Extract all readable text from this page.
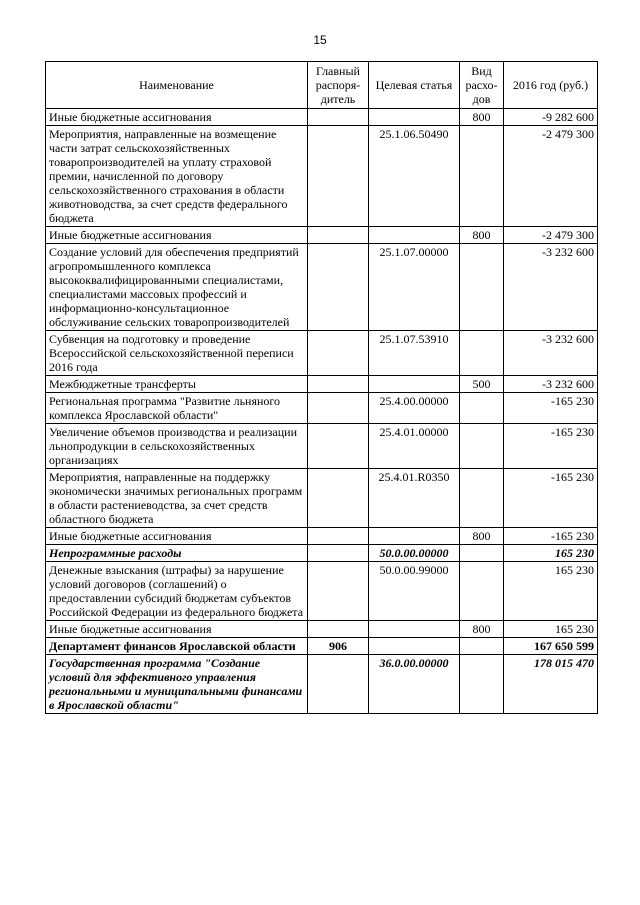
15
Наименование	Главный распоря-дитель	Целевая статья	Вид расхо-дов	2016 год (руб.)
Иные бюджетные ассигнования			800	-9 282 600
Мероприятия, направленные на возмещение части затрат сельскохозяйственных товаропроизводителей на уплату страховой премии, начисленной по договору сельскохозяйственного страхования в области животноводства, за счет средств федерального бюджета		25.1.06.50490		-2 479 300
Иные бюджетные ассигнования			800	-2 479 300
Создание условий для обеспечения предприятий агропромышленного комплекса высококвалифицированными специалистами, специалистами массовых профессий и информационно-консультационное обслуживание сельских товаропроизводителей		25.1.07.00000		-3 232 600
Субвенция на подготовку и проведение Всероссийской сельскохозяйственной переписи 2016 года		25.1.07.53910		-3 232 600
Межбюджетные трансферты			500	-3 232 600
Региональная программа "Развитие льняного комплекса Ярославской области"		25.4.00.00000		-165 230
Увеличение объемов производства и реализации льнопродукции в сельскохозяйственных организациях		25.4.01.00000		-165 230
Мероприятия, направленные на поддержку экономически значимых региональных программ в области растениеводства, за счет средств областного бюджета		25.4.01.R0350		-165 230
Иные бюджетные ассигнования			800	-165 230
Непрограммные расходы		50.0.00.00000		165 230
Денежные взыскания (штрафы) за нарушение условий договоров (соглашений) о предоставлении субсидий бюджетам субъектов Российской Федерации из федерального бюджета		50.0.00.99000		165 230
Иные бюджетные ассигнования			800	165 230
Департамент финансов Ярославской области	906			167 650 599
Государственная программа "Создание условий для эффективного управления региональными и муниципальными финансами в Ярославской области"		36.0.00.00000		178 015 470
